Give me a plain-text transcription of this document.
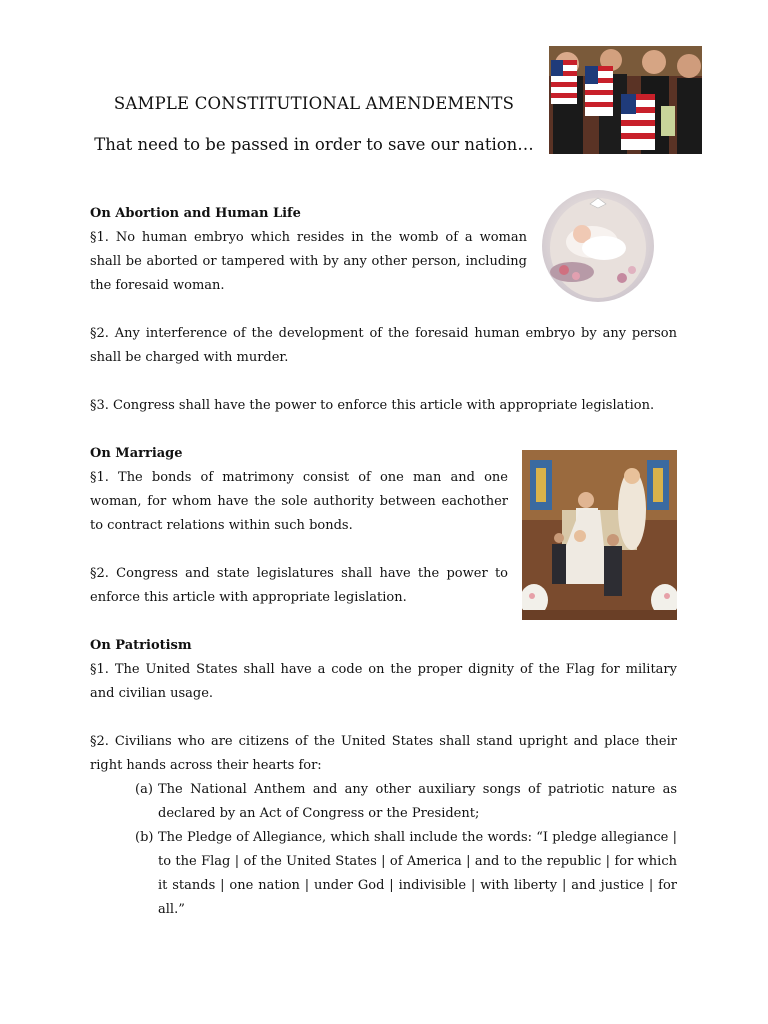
SAMPLE CONSTITUTIONAL AMENDEMENTS
That need to be passed in order to save our nation…
On Abortion and Human Life
§1. No human embryo which resides in the womb of a woman shall be aborted or tampered with by any other person, including the foresaid woman.
§2. Any interference of the development of the foresaid human embryo by any person shall be charged with murder.
§3. Congress shall have the power to enforce this article with appropriate legislation.
On Marriage
§1. The bonds of matrimony consist of one man and one woman, for whom have the sole authority between eachother to contract relations within such bonds.
§2. Congress and state legislatures shall have the power to enforce this article with appropriate legislation.
On Patriotism
§1. The United States shall have a code on the proper dignity of the Flag for military and civilian usage.
§2. Civilians who are citizens of the United States shall stand upright and place their right hands across their hearts for:
(a) The National Anthem and any other auxiliary songs of patriotic nature as declared by an Act of Congress or the President;
(b) The Pledge of Allegiance, which shall include the words: “I pledge allegiance | to the Flag | of the United States | of America | and to the republic | for which it stands | one nation | under God | indivisible | with liberty | and justice | for all.”
